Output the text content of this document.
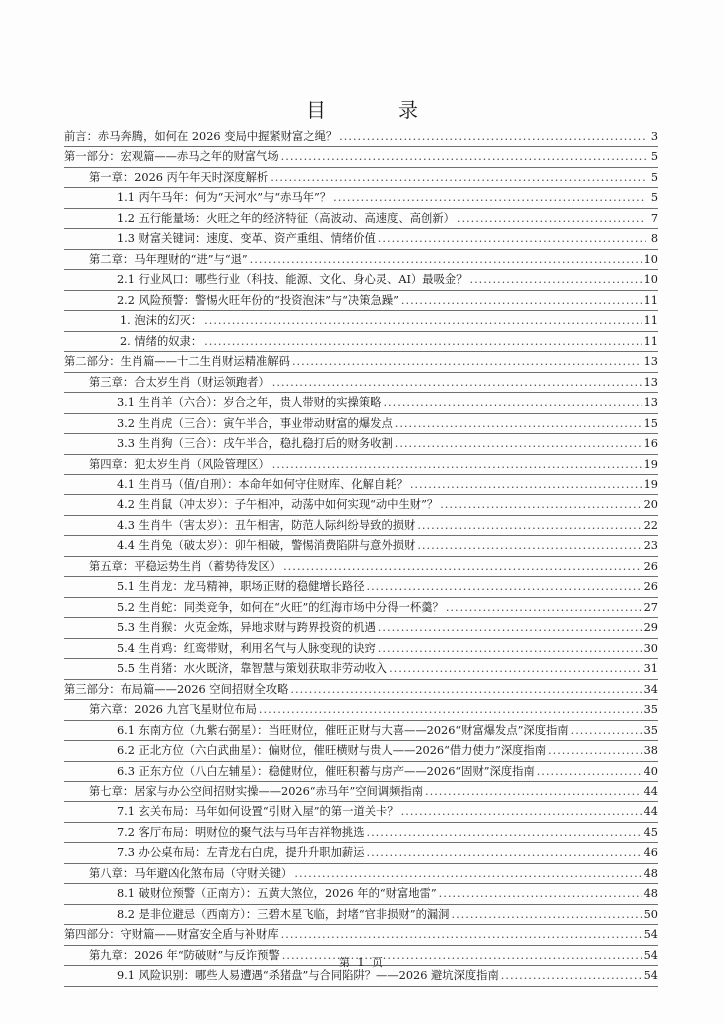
目　录
前言：赤马奔腾，如何在 2026 变局中握紧财富之绳？ .....	3
第一部分：宏观篇——赤马之年的财富气场 .....	5
第一章：2026 丙午年天时深度解析 .....	5
1.1 丙午马年：何为“天河水”与“赤马年”？ .....	5
1.2 五行能量场：火旺之年的经济特征（高波动、高速度、高创新） .....	7
1.3 财富关键词：速度、变革、资产重组、情绪价值 .....	8
第二章：马年理财的“进”与“退” .....	10
2.1 行业风口：哪些行业（科技、能源、文化、身心灵、AI）最吸金？ .....	10
2.2 风险预警：警惕火旺年份的“投资泡沫”与“决策急躁” .....	11
1. 泡沫的幻灭： .....	11
2. 情绪的奴隶： .....	11
第二部分：生肖篇——十二生肖财运精准解码 .....	13
第三章：合太岁生肖（财运领跑者） .....	13
3.1 生肖羊（六合）：岁合之年，贵人带财的实操策略 .....	13
3.2 生肖虎（三合）：寅午半合，事业带动财富的爆发点 .....	15
3.3 生肖狗（三合）：戌午半合，稳扎稳打后的财务收割 .....	16
第四章：犯太岁生肖（风险管理区） .....	19
4.1 生肖马（值/自刑）：本命年如何守住财库、化解自耗？ .....	19
4.2 生肖鼠（冲太岁）：子午相冲，动荡中如何实现“动中生财”？ .....	20
4.3 生肖牛（害太岁）：丑午相害，防范人际纠纷导致的损财 .....	22
4.4 生肖兔（破太岁）：卯午相破，警惕消费陷阱与意外损财 .....	23
第五章：平稳运势生肖（蓄势待发区） .....	26
5.1 生肖龙：龙马精神，职场正财的稳健增长路径 .....	26
5.2 生肖蛇：同类竞争，如何在“火旺”的红海市场中分得一杯羹？ .....	27
5.3 生肖猴：火克金炼，异地求财与跨界投资的机遇 .....	29
5.4 生肖鸡：红鸾带财，利用名气与人脉变现的诀窍 .....	30
5.5 生肖猪：水火既济，靠智慧与策划获取非劳动收入 .....	31
第三部分：布局篇——2026 空间招财全攻略 .....	34
第六章：2026 九宫飞星财位布局 .....	35
6.1 东南方位（九紫右弼星）：当旺财位，催旺正财与大喜——2026“财富爆发点”深度指南 .....	35
6.2 正北方位（六白武曲星）：偏财位，催旺横财与贵人——2026“借力使力”深度指南 .....	38
6.3 正东方位（八白左辅星）：稳健财位，催旺积蓄与房产——2026“固财”深度指南 .....	40
第七章：居家与办公空间招财实操——2026“赤马年”空间调频指南 .....	44
7.1 玄关布局：马年如何设置“引财入屋”的第一道关卡？ .....	44
7.2 客厅布局：明财位的聚气法与马年吉祥物挑选 .....	45
7.3 办公桌布局：左青龙右白虎，提升升职加薪运 .....	46
第八章：马年避凶化煞布局（守财关键） .....	48
8.1 破财位预警（正南方）：五黄大煞位，2026 年的“财富地雷” .....	48
8.2 是非位避忌（西南方）：三碧木星飞临，封堵“官非损财”的漏洞 .....	50
第四部分：守财篇——财富安全盾与补财库 .....	54
第九章：2026 年“防破财”与反诈预警 .....	54
9.1 风险识别：哪些人易遭遇“杀猪盘”与合同陷阱？——2026 避坑深度指南 .....	54
第 1 页
